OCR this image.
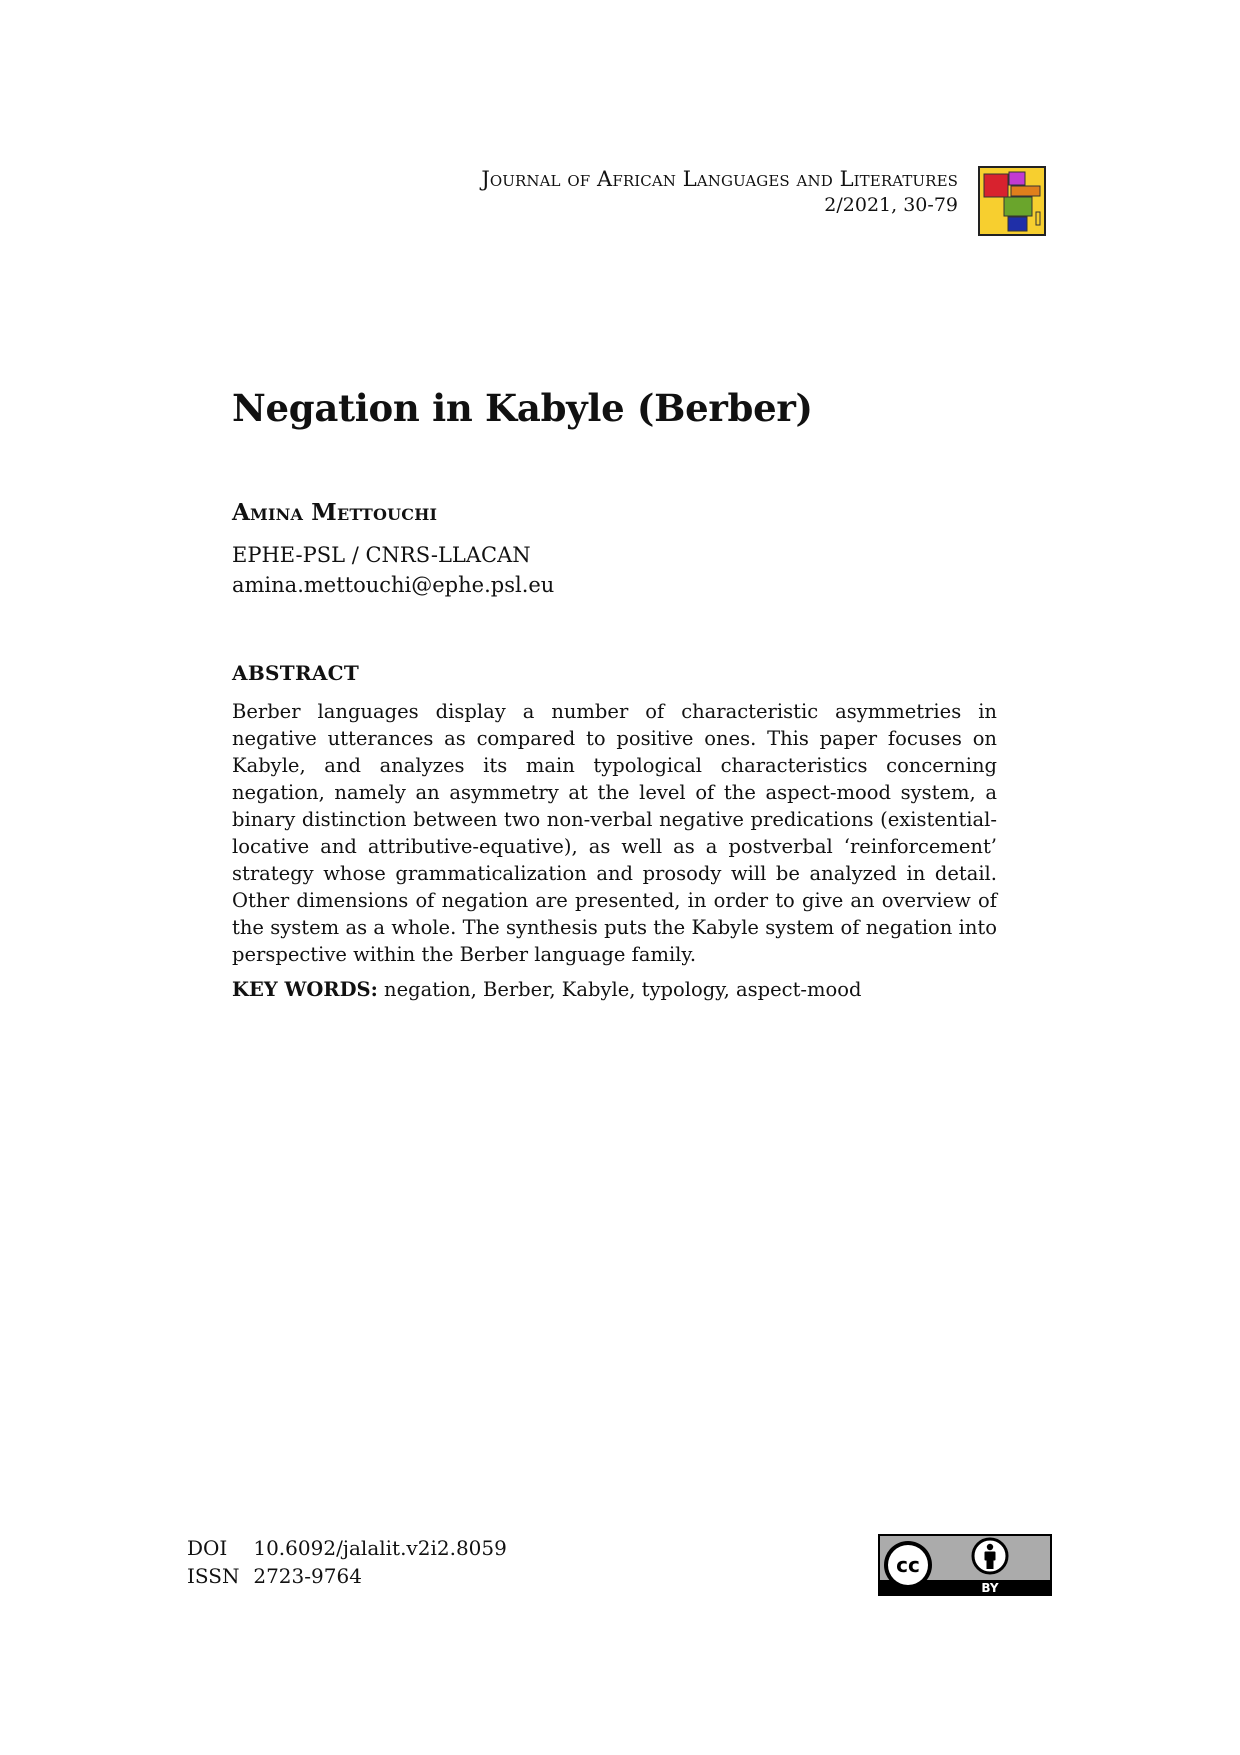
Journal of African Languages and Literatures
2/2021, 30-79
Negation in Kabyle (Berber)
Amina Mettouchi
EPHE-PSL / CNRS-LLACAN
amina.mettouchi@ephe.psl.eu
ABSTRACT

Berber languages display a number of characteristic asymmetries in negative utterances as compared to positive ones. This paper focuses on Kabyle, and analyzes its main typological characteristics concerning negation, namely an asymmetry at the level of the aspect-mood system, a binary distinction between two non-verbal negative predications (existential-locative and attributive-equative), as well as a postverbal ‘reinforcement’ strategy whose grammaticalization and prosody will be analyzed in detail. Other dimensions of negation are presented, in order to give an overview of the system as a whole. The synthesis puts the Kabyle system of negation into perspective within the Berber language family.

KEY WORDS: negation, Berber, Kabyle, typology, aspect-mood
DOI 10.6092/jalalit.v2i2.8059
ISSN 2723-9764	cc
BY
